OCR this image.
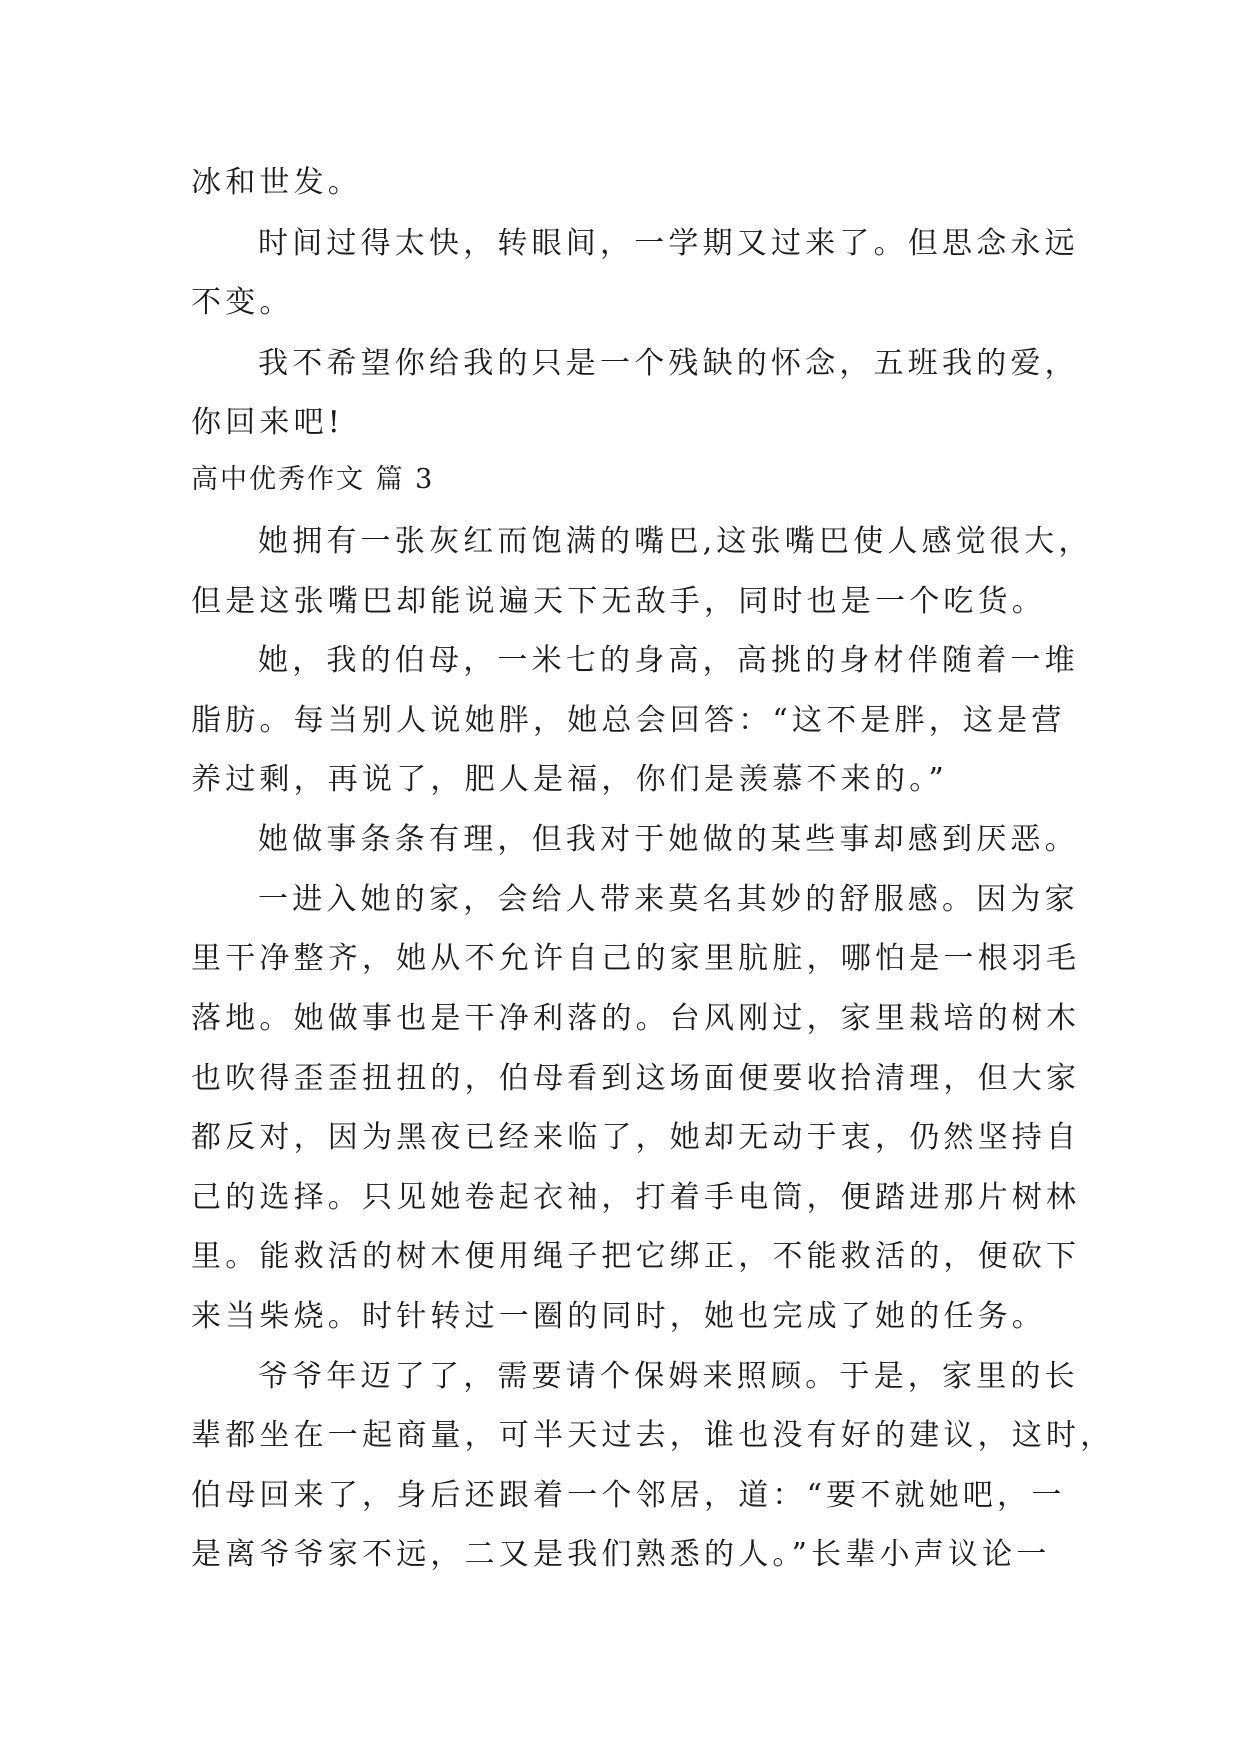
冰和世发。
时间过得太快，转眼间，一学期又过来了。但思念永远
不变。
我不希望你给我的只是一个残缺的怀念，五班我的爱，
你回来吧!
高中优秀作文 篇 3
她拥有一张灰红而饱满的嘴巴,这张嘴巴使人感觉很大，
但是这张嘴巴却能说遍天下无敌手，同时也是一个吃货。
她，我的伯母，一米七的身高，高挑的身材伴随着一堆
脂肪。每当别人说她胖，她总会回答：“这不是胖，这是营
养过剩，再说了，肥人是福，你们是羡慕不来的。”
她做事条条有理，但我对于她做的某些事却感到厌恶。
一进入她的家，会给人带来莫名其妙的舒服感。因为家
里干净整齐，她从不允许自己的家里肮脏，哪怕是一根羽毛
落地。她做事也是干净利落的。台风刚过，家里栽培的树木
也吹得歪歪扭扭的，伯母看到这场面便要收拾清理，但大家
都反对，因为黑夜已经来临了，她却无动于衷，仍然坚持自
己的选择。只见她卷起衣袖，打着手电筒，便踏进那片树林
里。能救活的树木便用绳子把它绑正，不能救活的，便砍下
来当柴烧。时针转过一圈的同时，她也完成了她的任务。
爷爷年迈了了，需要请个保姆来照顾。于是，家里的长
辈都坐在一起商量，可半天过去，谁也没有好的建议，这时，
伯母回来了，身后还跟着一个邻居，道：“要不就她吧，一
是离爷爷家不远，二又是我们熟悉的人。”长辈小声议论一
